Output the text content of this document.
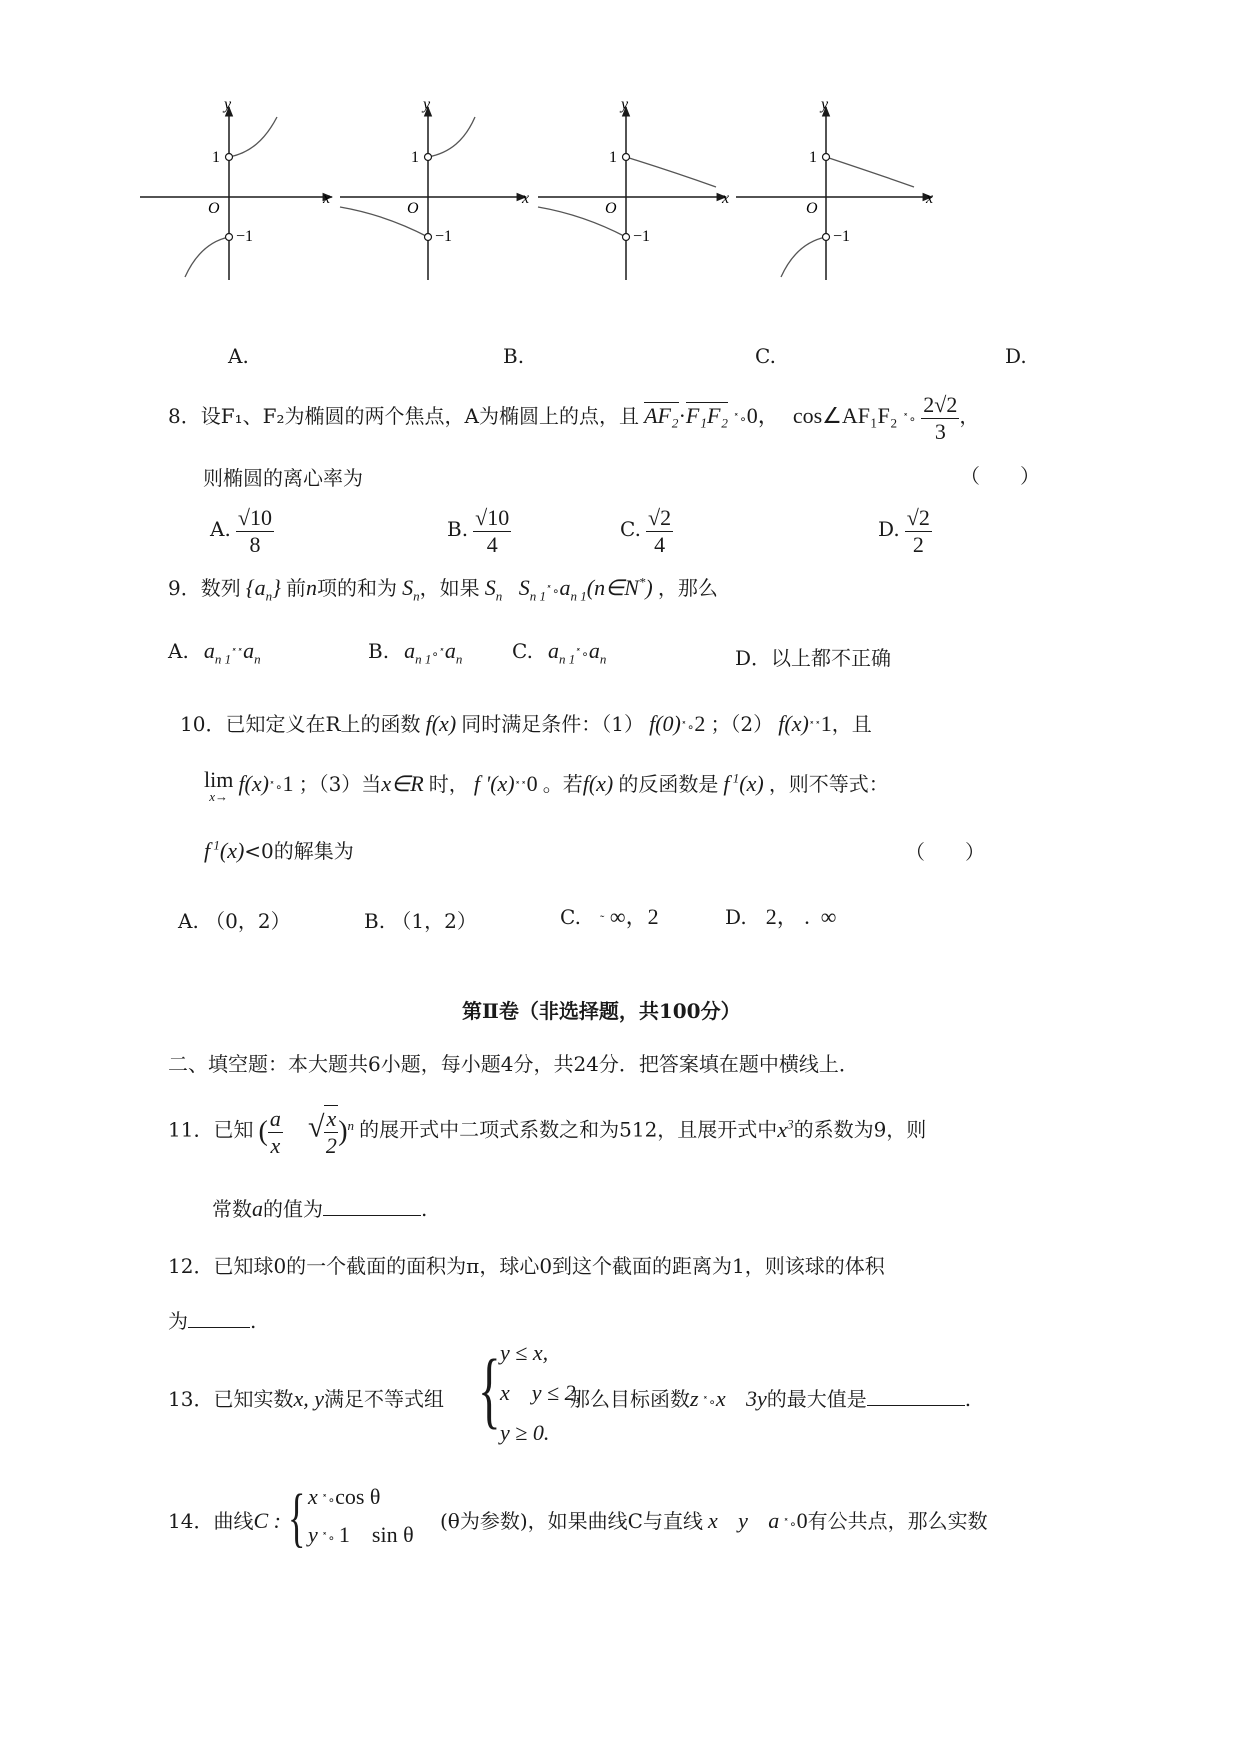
y
x
O
1
−1
y
x
O
1
−1
y
x
O
1
−1
y
x
O
1
−1
A.	B.	C.	D.
8．设F₁、F₂为椭圆的两个焦点，A为椭圆上的点，且 AF₂·F₁F₂ ˟∘0， cos∠AF₁F₂ ˟∘ $\frac{2√2}{3}$ ，
则椭圆的离心率为	（　　）
A. $\frac{√10}{8}$	B. $\frac{√10}{4}$	C. $\frac{√2}{4}$	D. $\frac{√2}{2}$
9．数列 $\{a_n\}$ 前n项的和为 $S_n$，如果 $S_n$ $S_{n 1}˟\circ a_{n 1}(n\in N^*)$ ，那么
A. $a_{n 1}˟˟a_n$	B. $a_{n 1}\circ˟a_n$ C. $a_{n 1}˟\circ a_n$	D．以上都不正确
10．已知定义在R上的函数 f(x) 同时满足条件：（1） f(0)˟∘2 ；（2） f(x)˟˟1，且
lim
x→ f(x)˟∘1 ；（3）当x∈R 时， f '(x)˟˟0 。若f(x) 的反函数是 f $^1$(x) ，则不等式：
f $^1$(x)<0的解集为	（　　）
A. （0，2）	B. （1，2）	C. ˜ ∞，2	D. 2， .  ∞
第Ⅱ卷（非选择题，共100分）
二、填空题：本大题共6小题，每小题4分，共24分．把答案填在题中横线上．
11．已知 ( $\frac{a}{x}$ √ $\frac{x}{2} )^n$ 的展开式中二项式系数之和为512，且展开式中$x^3$的系数为9，则
常数a的值为	.
12．已知球0的一个截面的面积为π，球心0到这个截面的距离为1，则该球的体积
为	.
13．已知实数x, y满足不等式组 { y ≤ x,
x    y ≤ 2,
y ≥ 0.
那么目标函数z ˟∘x 3y的最大值是	.
14．曲线C : { x ˟∘cos θ
y ˟∘ 1    sin θ
(θ为参数)，如果曲线C与直线 x y a ˟∘0有公共点，那么实数
